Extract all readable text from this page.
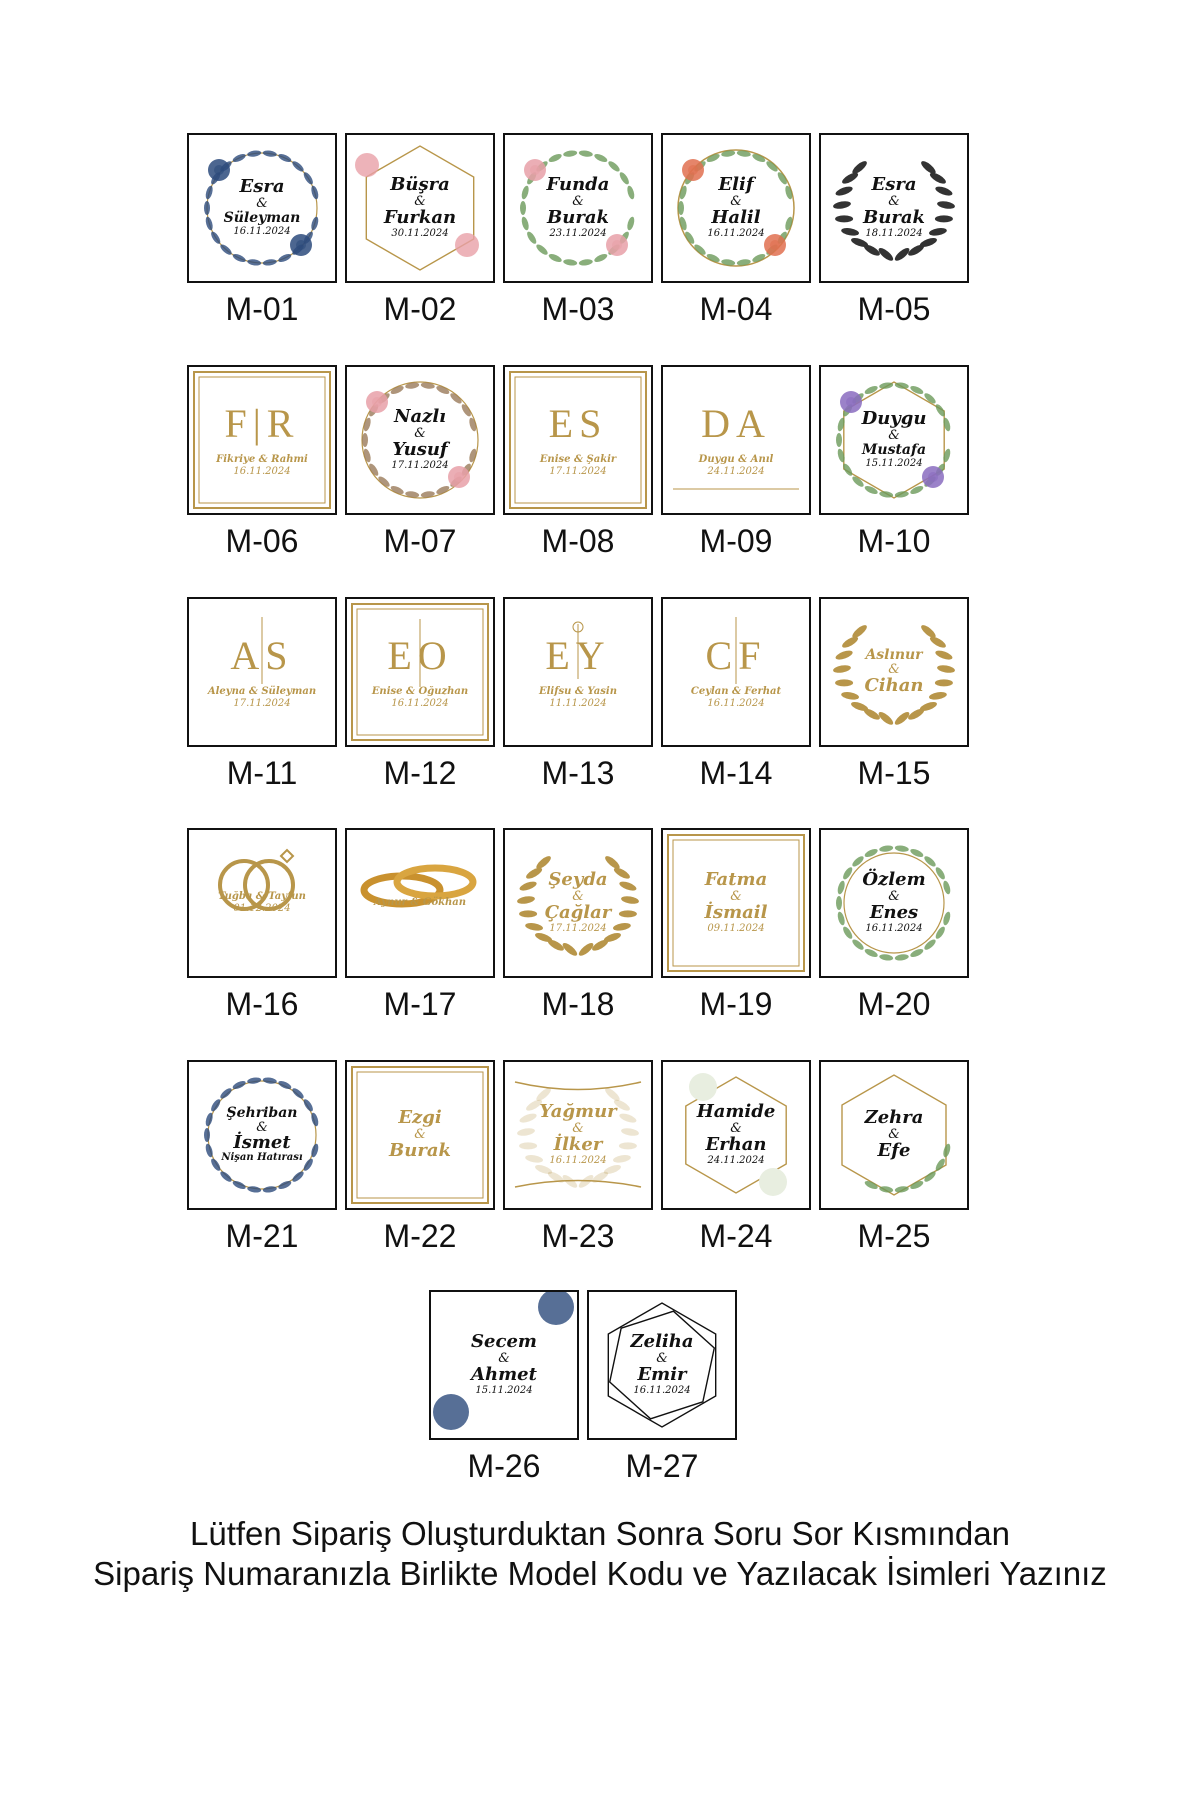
Esra
&
Süleyman
16.11.2024
M-01
Büşra
&
Furkan
30.11.2024
M-02
Funda
&
Burak
23.11.2024
M-03
Elif
&
Halil
16.11.2024
M-04
Esra
&
Burak
18.11.2024
M-05
F|R
Fikriye & Rahmi
16.11.2024
M-06
Nazlı
&
Yusuf
17.11.2024
M-07
ES
Enise & Şakir
17.11.2024
M-08
DA
Duygu & Anıl
24.11.2024
M-09
Duygu
&
Mustafa
15.11.2024
M-10
AS
Aleyna & Süleyman
17.11.2024
M-11
EO
Enise & Oğuzhan
16.11.2024
M-12
EY
Elifsu & Yasin
11.11.2024
M-13
CF
Ceylan & Ferhat
16.11.2024
M-14
Aslınur
&
Cihan
M-15
Tuğba & Tayfun
01.12.2024
M-16
Aynur & Gökhan
M-17
Şeyda
&
Çağlar
17.11.2024
M-18
Fatma
&
İsmail
09.11.2024
M-19
Özlem
&
Enes
16.11.2024
M-20
Şehriban
&
İsmet
Nişan Hatırası
M-21
Ezgi
&
Burak
M-22
Yağmur
&
İlker
16.11.2024
M-23
Hamide
&
Erhan
24.11.2024
M-24
Zehra
&
Efe
M-25
Secem
&
Ahmet
15.11.2024
M-26
Zeliha
&
Emir
16.11.2024
M-27
Lütfen Sipariş Oluşturduktan Sonra Soru Sor Kısmından
Sipariş Numaranızla Birlikte Model Kodu ve Yazılacak İsimleri Yazınız
